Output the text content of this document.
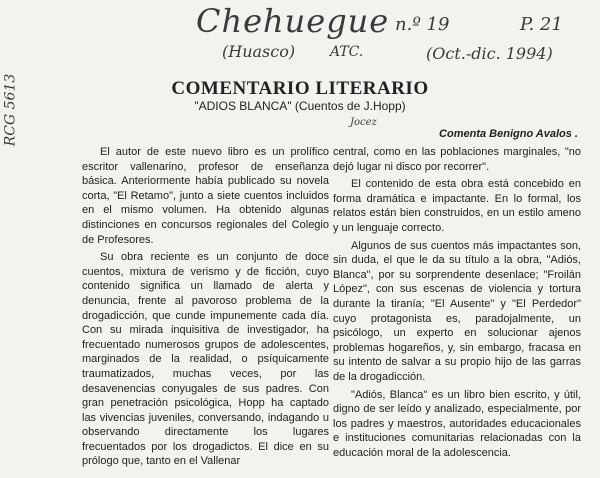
Chehuegue
(Huasco) ATC.
n.º 19	P. 21
(Oct.-dic. 1994)
RCG 5613	Jocez
COMENTARIO LITERARIO
"ADIOS BLANCA" (Cuentos de J.Hopp)
Comenta Benigno Avalos .

El autor de este nuevo libro es un prolífico escritor vallenarino, profesor de enseñanza básica. Anteriormente había publicado su novela corta, "El Retamo", junto a siete cuentos incluidos en el mismo volumen. Ha obtenido algunas distinciones en concursos regionales del Colegio de Profesores.

Su obra reciente es un conjunto de doce cuentos, mixtura de verismo y de ficción, cuyo contenido significa un llamado de alerta y denuncia, frente al pavoroso problema de la drogadicción, que cunde impunemente cada día. Con su mirada inquisitiva de investigador, ha frecuentado numerosos grupos de adolescentes, marginados de la realidad, o psíquicamente traumatizados, muchas veces, por las desavenencias conyugales de sus padres. Con gran penetración psicológica, Hopp ha captado las vivencias juveniles, conversando, indagando u observando directamente los lugares frecuentados por los drogadictos. El dice en su prólogo que, tanto en el Vallenar

central, como en las poblaciones marginales, "no dejó lugar ni disco por recorrer".

El contenido de esta obra está concebido en forma dramática e impactante. En lo formal, los relatos están bien construidos, en un estilo ameno y un lenguaje correcto.

Algunos de sus cuentos más impactantes son, sin duda, el que le da su título a la obra, "Adiós, Blanca", por su sorprendente desenlace; "Froilán López", con sus escenas de violencia y tortura durante la tiranía; "El Ausente" y "El Perdedor" cuyo protagonista es, paradojalmente, un psicólogo, un experto en solucionar ajenos problemas hogareños, y, sin embargo, fracasa en su intento de salvar a su propio hijo de las garras de la drogadicción.

"Adiós, Blanca" es un libro bien escrito, y útil, digno de ser leído y analizado, especialmente, por los padres y maestros, autoridades educacionales e instituciones comunitarias relacionadas con la educación moral de la adolescencia.
